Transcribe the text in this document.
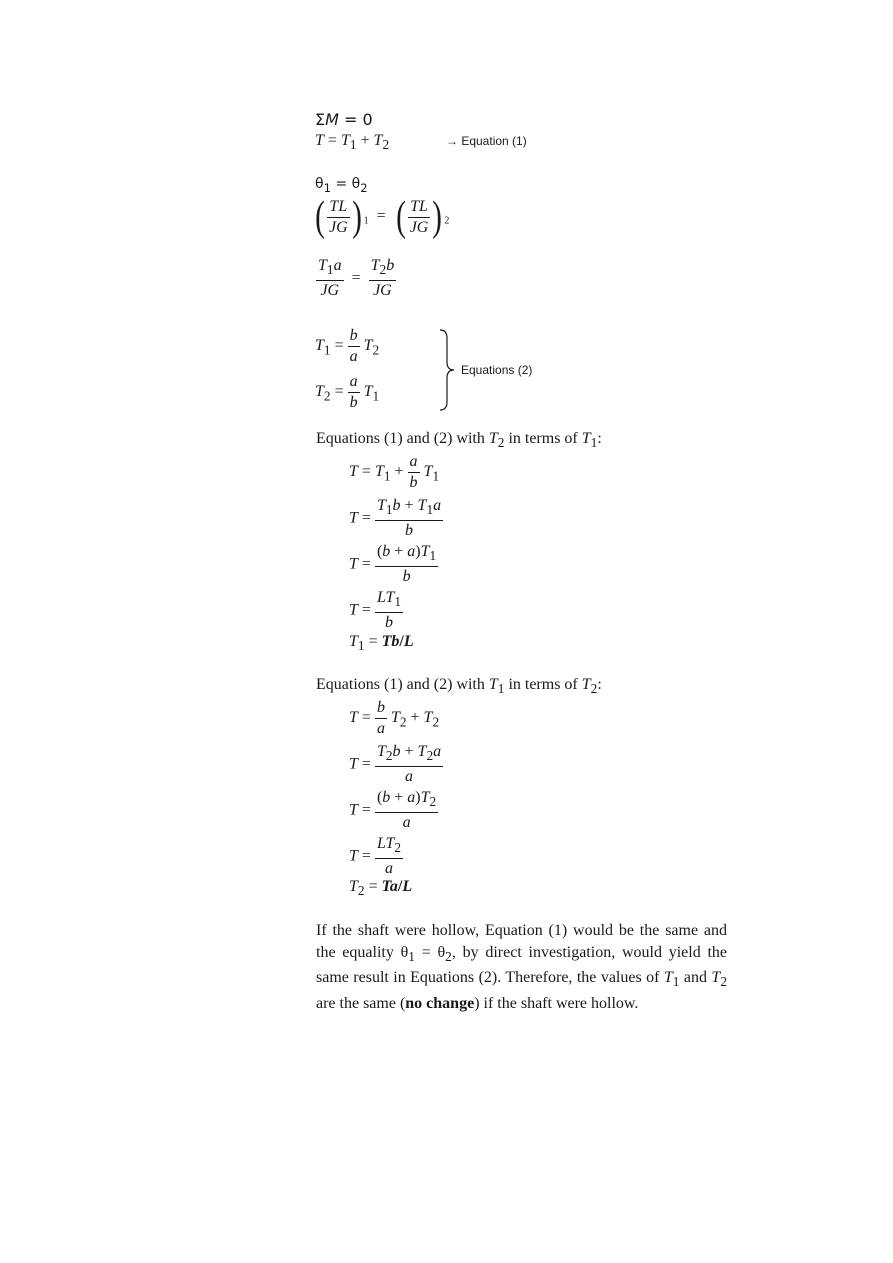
ΣM = 0
$T = T_1 + T_2$	→ Equation (1)
$\theta_1 = \theta_2$
( $\frac{TL}{JG}$ ) 1  =  ( $\frac{TL}{JG}$ ) 2
$\frac{T_1a}{JG} = \frac{T_2b}{JG}$
$T_1 = \frac{b}{a} T_2$
$T_2 = \frac{a}{b} T_1$
Equations (2)
Equations (1) and (2) with $T_2$ in terms of $T_1$:
$T = T_1 + \frac{a}{b} T_1$
$T = \frac{T_1b + T_1a}{b}$
$T = \frac{(b + a)T_1}{b}$
$T = \frac{LT_1}{b}$
$T_1 = Tb/L$
Equations (1) and (2) with $T_1$ in terms of $T_2$:
$T = \frac{b}{a} T_2 + T_2$
$T = \frac{T_2b + T_2a}{a}$
$T = \frac{(b + a)T_2}{a}$
$T = \frac{LT_2}{a}$
$T_2 = Ta/L$
If the shaft were hollow, Equation (1) would be the same and the equality $\theta_1 = \theta_2$, by direct investigation, would yield the same result in Equations (2). Therefore, the values of $T_1$ and $T_2$ are the same (no change) if the shaft were hollow.
